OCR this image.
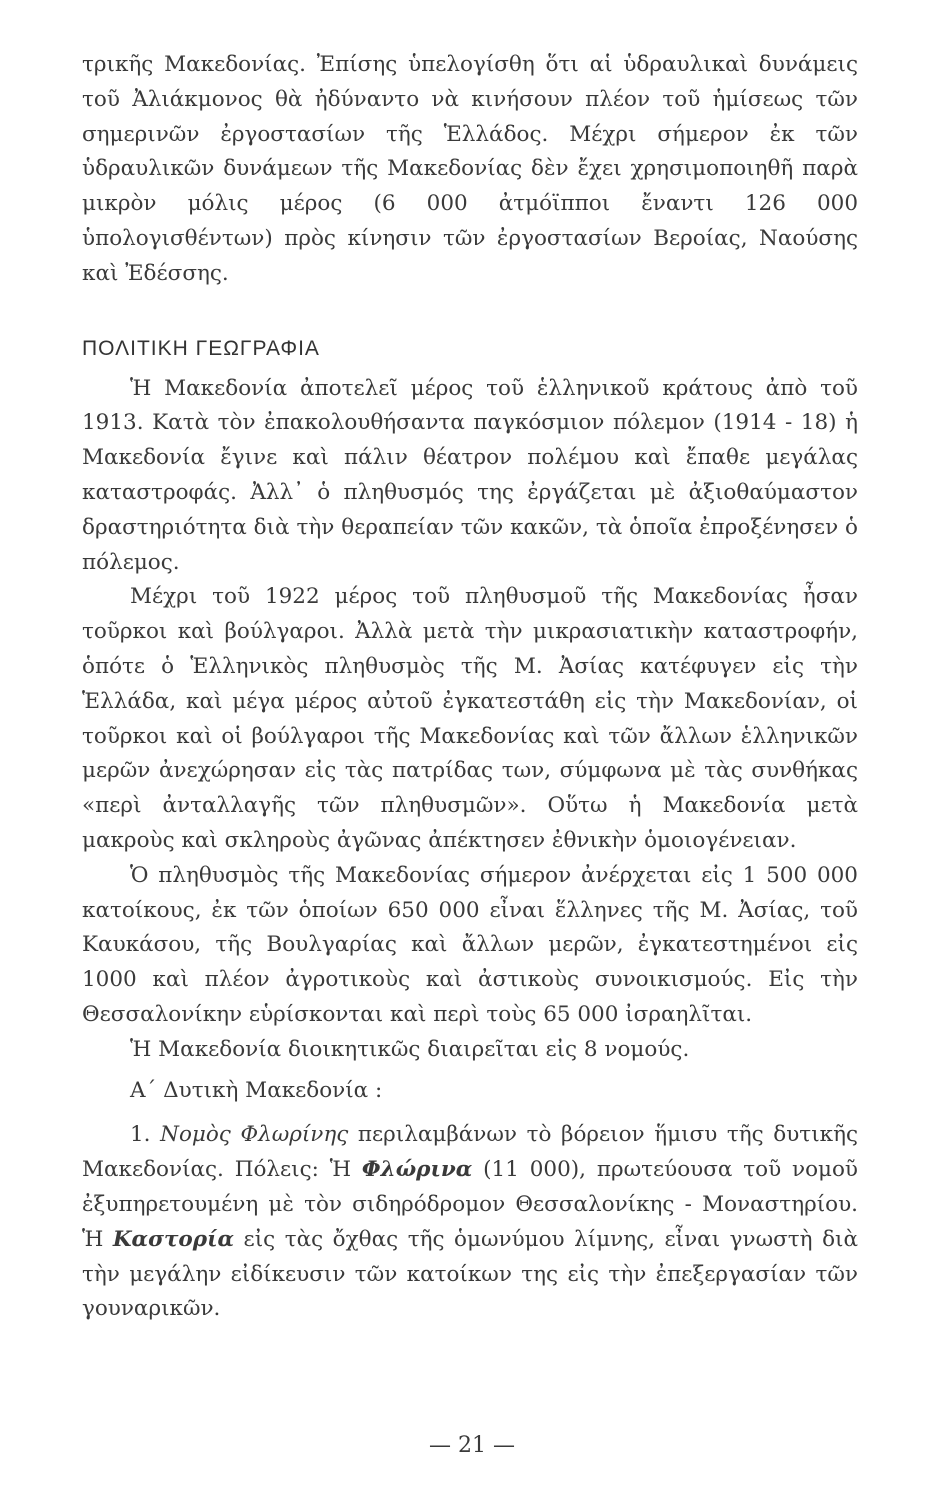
τρικῆς Μακεδονίας. Ἐπίσης ὑπελογίσθη ὅτι αἱ ὑδραυλικαὶ δυνάμεις τοῦ Ἀλιάκμονος θὰ ἠδύναντο νὰ κινήσουν πλέον τοῦ ἡμίσεως τῶν σημερινῶν ἐργοστασίων τῆς Ἑλλάδος. Μέχρι σήμερον ἐκ τῶν ὑδραυλικῶν δυνάμεων τῆς Μακεδονίας δὲν ἔχει χρησιμοποιηθῆ παρὰ μικρὸν μόλις μέρος (6 000 ἀτμόϊπποι ἔναντι 126 000 ὑπολογισθέντων) πρὸς κίνησιν τῶν ἐργοστασίων Βεροίας, Ναούσης καὶ Ἐδέσσης.

ΠΟΛΙΤΙΚΗ ΓΕΩΓΡΑΦΙΑ

Ἡ Μακεδονία ἀποτελεῖ μέρος τοῦ ἑλληνικοῦ κράτους ἀπὸ τοῦ 1913. Κατὰ τὸν ἐπακολουθήσαντα παγκόσμιον πόλεμον (1914 - 18) ἡ Μακεδονία ἔγινε καὶ πάλιν θέατρον πολέμου καὶ ἔπαθε μεγάλας καταστροφάς. Ἀλλ᾽ ὁ πληθυσμός της ἐργάζεται μὲ ἀξιοθαύμαστον δραστηριότητα διὰ τὴν θεραπείαν τῶν κακῶν, τὰ ὁποῖα ἐπροξένησεν ὁ πόλεμος.

Μέχρι τοῦ 1922 μέρος τοῦ πληθυσμοῦ τῆς Μακεδονίας ἦσαν τοῦρκοι καὶ βούλγαροι. Ἀλλὰ μετὰ τὴν μικρασιατικὴν καταστροφήν, ὁπότε ὁ Ἑλληνικὸς πληθυσμὸς τῆς Μ. Ἀσίας κατέφυγεν εἰς τὴν Ἑλλάδα, καὶ μέγα μέρος αὐτοῦ ἐγκατεστάθη εἰς τὴν Μακεδονίαν, οἱ τοῦρκοι καὶ οἱ βούλγαροι τῆς Μακεδονίας καὶ τῶν ἄλλων ἑλληνικῶν μερῶν ἀνεχώρησαν εἰς τὰς πατρίδας των, σύμφωνα μὲ τὰς συνθήκας «περὶ ἀνταλλαγῆς τῶν πληθυσμῶν». Οὕτω ἡ Μακεδονία μετὰ μακροὺς καὶ σκληροὺς ἀγῶνας ἀπέκτησεν ἐθνικὴν ὁμοιογένειαν.

Ὁ πληθυσμὸς τῆς Μακεδονίας σήμερον ἀνέρχεται εἰς 1 500 000 κατοίκους, ἐκ τῶν ὁποίων 650 000 εἶναι ἕλληνες τῆς Μ. Ἀσίας, τοῦ Καυκάσου, τῆς Βουλγαρίας καὶ ἄλλων μερῶν, ἐγκατεστημένοι εἰς 1000 καὶ πλέον ἀγροτικοὺς καὶ ἀστικοὺς συνοικισμούς. Εἰς τὴν Θεσσαλονίκην εὑρίσκονται καὶ περὶ τοὺς 65 000 ἰσραηλῖται.

Ἡ Μακεδονία διοικητικῶς διαιρεῖται εἰς 8 νομούς.

Α΄ Δυτικὴ Μακεδονία :

1. Νομὸς Φλωρίνης περιλαμβάνων τὸ βόρειον ἥμισυ τῆς δυτικῆς Μακεδονίας. Πόλεις: Ἡ Φλώρινα (11 000), πρωτεύουσα τοῦ νομοῦ ἐξυπηρετουμένη μὲ τὸν σιδηρόδρομον Θεσσαλονίκης - Μοναστηρίου. Ἡ Καστορία εἰς τὰς ὄχθας τῆς ὁμωνύμου λίμνης, εἶναι γνωστὴ διὰ τὴν μεγάλην εἰδίκευσιν τῶν κατοίκων της εἰς τὴν ἐπεξεργασίαν τῶν γουναρικῶν.

— 21 —
